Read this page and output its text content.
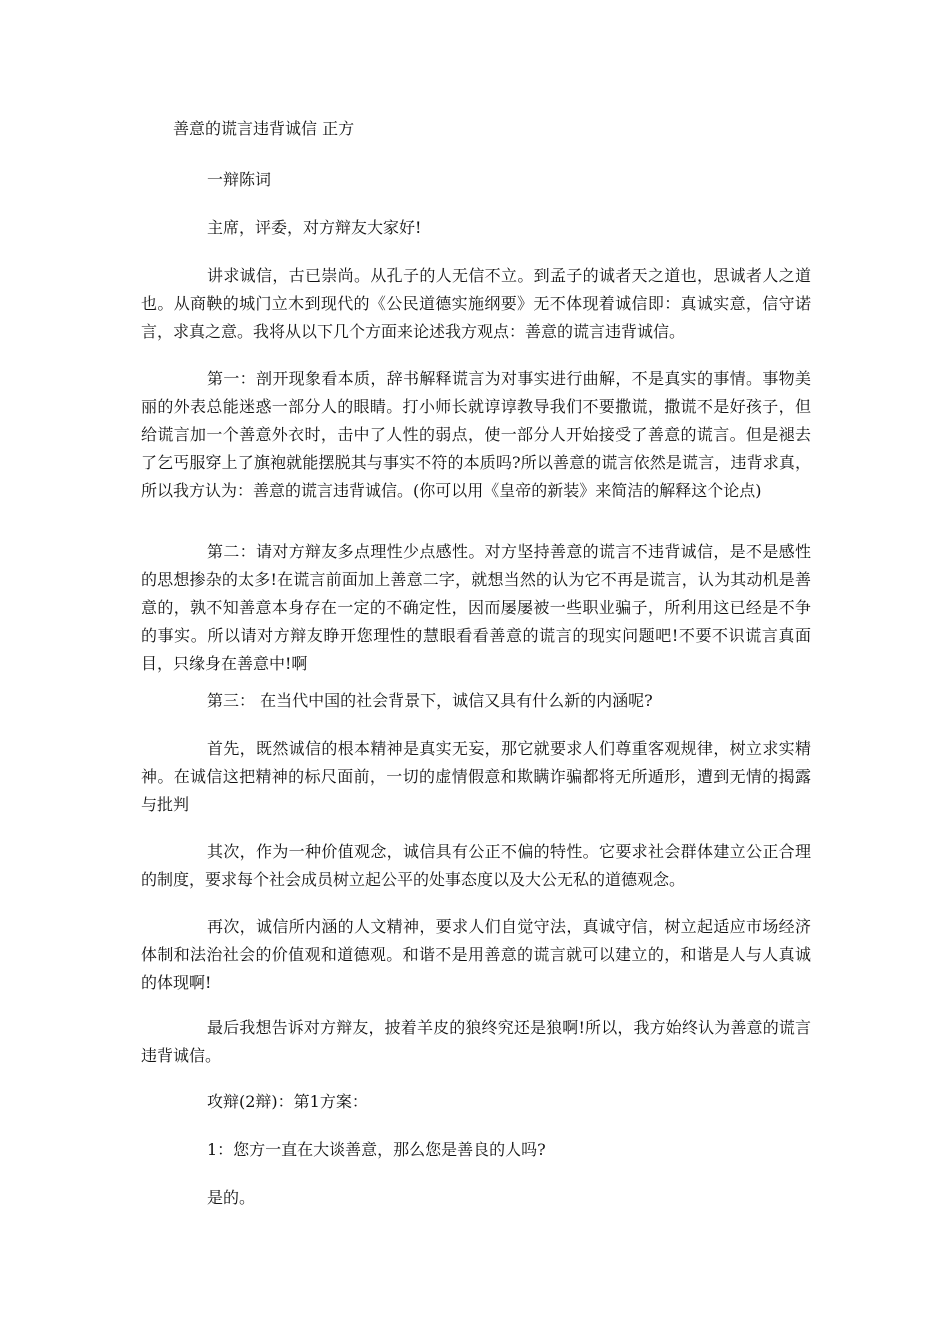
善意的谎言违背诚信 正方

一辩陈词

主席，评委，对方辩友大家好!

讲求诚信，古已崇尚。从孔子的人无信不立。到孟子的诚者天之道也，思诚者人之道也。从商鞅的城门立木到现代的《公民道德实施纲要》无不体现着诚信即：真诚实意，信守诺言，求真之意。我将从以下几个方面来论述我方观点：善意的谎言违背诚信。

第一：剖开现象看本质，辞书解释谎言为对事实进行曲解，不是真实的事情。事物美丽的外表总能迷惑一部分人的眼睛。打小师长就谆谆教导我们不要撒谎，撒谎不是好孩子，但给谎言加一个善意外衣时，击中了人性的弱点，使一部分人开始接受了善意的谎言。但是褪去了乞丐服穿上了旗袍就能摆脱其与事实不符的本质吗?所以善意的谎言依然是谎言，违背求真，所以我方认为：善意的谎言违背诚信。(你可以用《皇帝的新装》来简洁的解释这个论点)

第二：请对方辩友多点理性少点感性。对方坚持善意的谎言不违背诚信，是不是感性的思想掺杂的太多!在谎言前面加上善意二字，就想当然的认为它不再是谎言，认为其动机是善意的，孰不知善意本身存在一定的不确定性，因而屡屡被一些职业骗子，所利用这已经是不争的事实。所以请对方辩友睁开您理性的慧眼看看善意的谎言的现实问题吧!不要不识谎言真面目，只缘身在善意中!啊

第三： 在当代中国的社会背景下，诚信又具有什么新的内涵呢?

首先，既然诚信的根本精神是真实无妄，那它就要求人们尊重客观规律，树立求实精神。在诚信这把精神的标尺面前，一切的虚情假意和欺瞒诈骗都将无所遁形，遭到无情的揭露与批判

其次，作为一种价值观念，诚信具有公正不偏的特性。它要求社会群体建立公正合理的制度，要求每个社会成员树立起公平的处事态度以及大公无私的道德观念。

再次，诚信所内涵的人文精神，要求人们自觉守法，真诚守信，树立起适应市场经济体制和法治社会的价值观和道德观。和谐不是用善意的谎言就可以建立的，和谐是人与人真诚的体现啊!

最后我想告诉对方辩友，披着羊皮的狼终究还是狼啊!所以，我方始终认为善意的谎言违背诚信。

攻辩(2辩)：第1方案：

1：您方一直在大谈善意，那么您是善良的人吗?

是的。
